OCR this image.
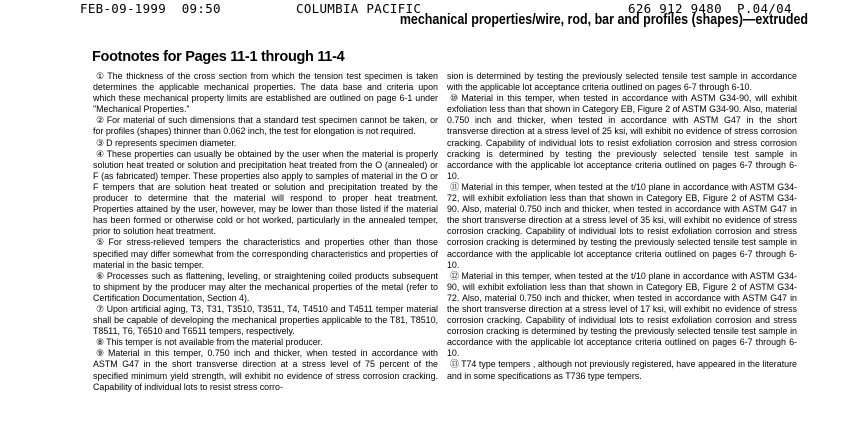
FEB-09-1999  09:50

	COLUMBIA PACIFIC

	626 912 9480

P.04/04

mechanical properties/wire, rod, bar and profiles (shapes)—extruded
Footnotes for Pages 11-1 through 11-4

① The thickness of the cross section from which the tension test specimen is taken determines the applicable mechanical properties. The data base and criteria upon which these mechanical property limits are established are outlined on page 6-1 under "Mechanical Properties."

② For material of such dimensions that a standard test specimen cannot be taken, or for profiles (shapes) thinner than 0.062 inch, the test for elongation is not required.

③ D represents specimen diameter.

④ These properties can usually be obtained by the user when the material is properly solution heat treated or solution and precipitation heat treated from the O (annealed) or F (as fabricated) temper. These properties also apply to samples of material in the O or F tempers that are solution heat treated or solution and precipitation treated by the producer to determine that the material will respond to proper heat treatment. Properties attained by the user, however, may be lower than those listed if the material has been formed or otherwise cold or hot worked, particularly in the annealed temper, prior to solution heat treatment.

⑤ For stress-relieved tempers the characteristics and properties other than those specified may differ somewhat from the corresponding characteristics and properties of material in the basic temper.

⑥ Processes such as flattening, leveling, or straightening coiled products subsequent to shipment by the producer may alter the mechanical properties of the metal (refer to Certification Documentation, Section 4).

⑦ Upon artificial aging, T3, T31, T3510, T3511, T4, T4510 and T4511 temper material shall be capable of developing the mechanical properties applicable to the T81, T8510, T8511, T6, T6510 and T6511 tempers, respectively.

⑧ This temper is not available from the material producer.

⑨ Material in this temper, 0.750 inch and thicker, when tested in accordance with ASTM G47 in the short transverse direction at a stress level of 75 percent of the specified minimum yield strength, will exhibit no evidence of stress corrosion cracking. Capability of individual lots to resist stress corro-

sion is determined by testing the previously selected tensile test sample in accordance with the applicable lot acceptance criteria outlined on pages 6-7 through 6-10.

⑩ Material in this temper, when tested in accordance with ASTM G34-90, will exhibit exfoliation less than that shown in Category EB, Figure 2 of ASTM G34-90. Also, material 0.750 inch and thicker, when tested in accordance with ASTM G47 in the short transverse direction at a stress level of 25 ksi, will exhibit no evidence of stress corrosion cracking. Capability of individual lots to resist exfoliation corrosion and stress corrosion cracking is determined by testing the previously selected tensile test sample in accordance with the applicable lot acceptance criteria outlined on pages 6-7 through 6-10.

⑪ Material in this temper, when tested at the t/10 plane in accordance with ASTM G34-72, will exhibit exfoliation less than that shown in Category EB, Figure 2 of ASTM G34-90. Also, material 0.750 inch and thicker, when tested in accordance with ASTM G47 in the short transverse direction at a stress level of 35 ksi, will exhibit no evidence of stress corrosion cracking. Capability of individual lots to resist exfoliation corrosion and stress corrosion cracking is determined by testing the previously selected tensile test sample in accordance with the applicable lot acceptance criteria outlined on pages 6-7 through 6-10.

⑫ Material in this temper, when tested at the t/10 plane in accordance with ASTM G34-90, will exhibit exfoliation less than that shown in Category EB, Figure 2 of ASTM G34-72. Also, material 0.750 inch and thicker, when tested in accordance with ASTM G47 in the short transverse direction at a stress level of 17 ksi, will exhibit no evidence of stress corrosion cracking. Capability of individual lots to resist exfoliation corrosion and stress corrosion cracking is determined by testing the previously selected tensile test sample in accordance with the applicable lot acceptance criteria outlined on pages 6-7 through 6-10.

⑬ T74 type tempers , although not previously registered, have appeared in the literature and in some specifications as T736 type tempers.
